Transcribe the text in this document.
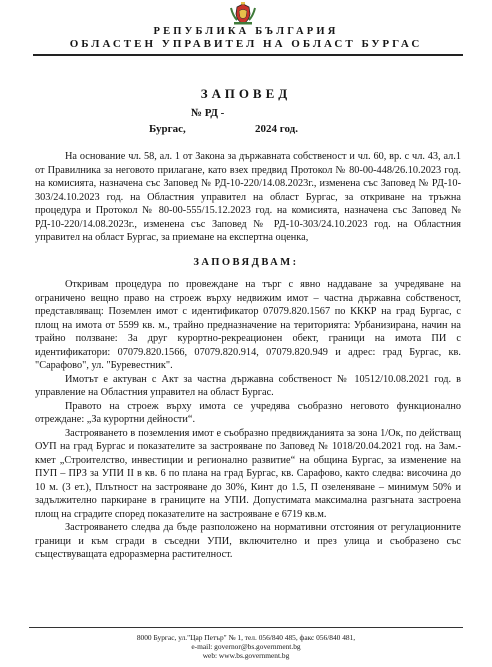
РЕПУБЛИКА БЪЛГАРИЯ
ОБЛАСТЕН УПРАВИТЕЛ НА ОБЛАСТ БУРГАС
ЗАПОВЕД
№ РД -
Бургас,	2024 год.

На основание чл. 58, ал. 1 от Закона за държавната собственост и чл. 60, вр. с чл. 43, ал.1 от Правилника за неговото прилагане, като взех предвид Протокол № 80-00-448/26.10.2023 год. на комисията, назначена със Заповед № РД-10-220/14.08.2023г., изменена със Заповед № РД-10-303/24.10.2023 год. на Областния управител на област Бургас, за откриване на тръжна процедура и Протокол № 80-00-555/15.12.2023 год. на комисията, назначена със Заповед № РД-10-220/14.08.2023г., изменена със Заповед № РД-10-303/24.10.2023 год. на Областния управител на област Бургас, за приемане на експертна оценка,

ЗАПОВЯДВАМ:

Откривам процедура по провеждане на търг с явно наддаване за учредяване на ограничено вещно право на строеж върху недвижим имот – частна държавна собственост, представляващ: Поземлен имот с идентификатор 07079.820.1567 по КККР на град Бургас, с площ на имота от 5599 кв. м., трайно предназначение на територията: Урбанизирана, начин на трайно ползване: За друг курортно-рекреационен обект, граници на имота ПИ с идентификатори: 07079.820.1566, 07079.820.914, 07079.820.949 и адрес: град Бургас, кв. "Сарафово", ул. "Буревестник".

Имотът е актуван с Акт за частна държавна собственост № 10512/10.08.2021 год. в управление на Областния управител на област Бургас.

Правото на строеж върху имота се учредява съобразно неговото функционално отреждане: „За курортни дейности“.

Застрояването в поземления имот е съобразно предвижданията за зона 1/Ок, по действащ ОУП на град Бургас и показателите за застрояване по Заповед № 1018/20.04.2021 год. на Зам.- кмет „Строителство, инвестиции и регионално развитие“ на община Бургас, за изменение на ПУП – ПРЗ за УПИ II в кв. 6 по плана на град Бургас, кв. Сарафово, както следва: височина до 10 м. (3 ет.), Плътност на застрояване до 30%, Кинт до 1.5, П озеленяване – минимум 50% и задължително паркиране в границите на УПИ. Допустимата максимална разгъната застроена площ на сградите според показателите на застрояване е 6719 кв.м.

Застрояването следва да бъде разположено на нормативни отстояния от регулационните граници и към сгради в съседни УПИ, включително и през улица и съобразено със съществуващата едроразмерна растителност.

8000 Бургас, ул."Цар Петър" № 1, тел. 056/840 485, факс 056/840 481,
e-mail: governor@bs.government.bg
web: www.bs.government.bg
